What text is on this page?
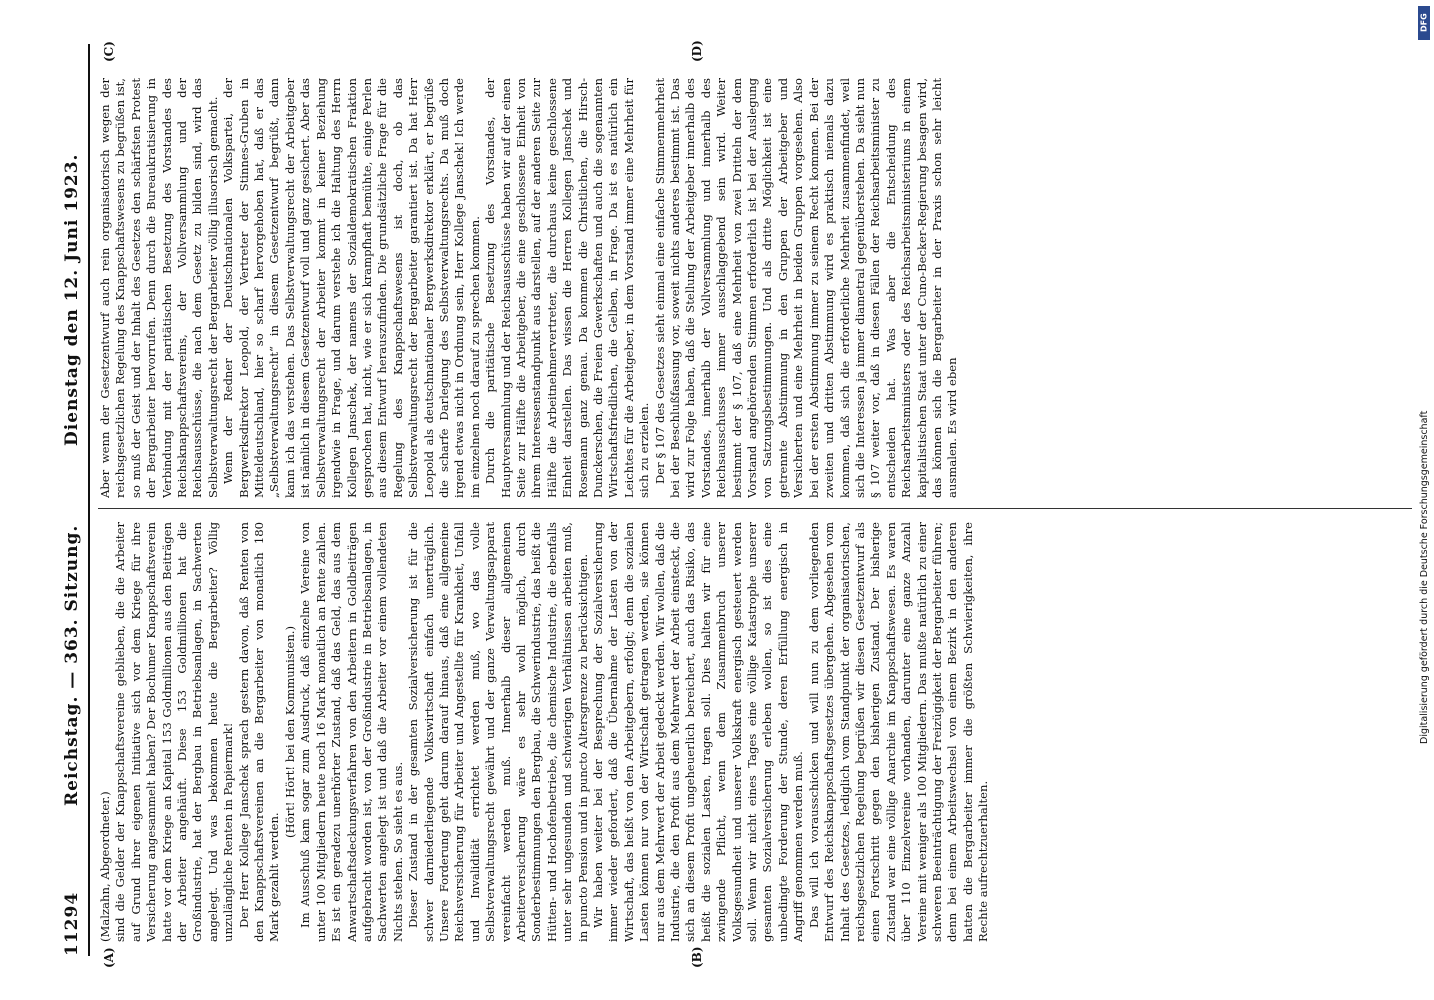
11294
Reichstag. — 363. Sitzung.
Dienstag den 12. Juni 1923.
(A)	(B)
(C)	(D)

(Malzahn, Abgeordneter.) sind die Gelder der Knappschaftsvereine geblieben, die die Arbeiter auf Grund ihrer eigenen Initiative sich vor dem Kriege für ihre Versicherung angesammelt haben? Der Bochumer Knappschaftsverein hatte vor dem Kriege an Kapital 153 Goldmillionen aus den Beiträgen der Arbeiter angehäuft. Diese 153 Goldmillionen hat die Großindustrie, hat der Bergbau in Betriebsanlagen, in Sachwerten angelegt. Und was bekommen heute die Bergarbeiter? Völlig unzulängliche Renten in Papiermark! Der Herr Kollege Janschek sprach gestern davon, daß Renten von den Knappschaftsvereinen an die Bergarbeiter von monatlich 180 Mark gezahlt werden.

(Hört! Hört! bei den Kommunisten.) Im Ausschuß kam sogar zum Ausdruck, daß einzelne Vereine von unter 100 Mitgliedern heute noch 16 Mark monatlich an Rente zahlen. Es ist ein geradezu unerhörter Zustand, daß das Geld, das aus dem Anwartschaftsdeckungsverfahren von den Arbeitern in Goldbeiträgen aufgebracht worden ist, von der Großindustrie in Betriebsanlagen, in Sachwerten angelegt ist und daß die Arbeiter vor einem vollendeten Nichts stehen. So sieht es aus. Dieser Zustand in der gesamten Sozialversicherung ist für die schwer darniederliegende Volkswirtschaft einfach unerträglich. Unsere Forderung geht darum darauf hinaus, daß eine allgemeine Reichsversicherung für Arbeiter und Angestellte für Krankheit, Unfall und Invalidität errichtet werden muß, wo das volle Selbstverwaltungsrecht gewährt und der ganze Verwaltungsapparat vereinfacht werden muß. Innerhalb dieser allgemeinen Arbeiterversicherung wäre es sehr wohl möglich, durch Sonderbestimmungen den Bergbau, die Schwerindustrie, das heißt die Hütten- und Hochofenbetriebe, die chemische Industrie, die ebenfalls unter sehr ungesunden und schwierigen Verhältnissen arbeiten muß, in puncto Pension und in puncto Altersgrenze zu berücksichtigen. Wir haben weiter bei der Besprechung der Sozialversicherung immer wieder gefordert, daß die Übernahme der Lasten von der Wirtschaft, das heißt von den Arbeitgebern, erfolgt; denn die sozialen Lasten können nur von der Wirtschaft getragen werden, sie können nur aus dem Mehrwert der Arbeit gedeckt werden. Wir wollen, daß die Industrie, die den Profit aus dem Mehrwert der Arbeit einsteckt, die sich an diesem Profit ungeheuerlich bereichert, auch das Risiko, das heißt die sozialen Lasten, tragen soll. Dies halten wir für eine zwingende Pflicht, wenn dem Zusammenbruch unserer Volksgesundheit und unserer Volkskraft energisch gesteuert werden soll. Wenn wir nicht eines Tages eine völlige Katastrophe unserer gesamten Sozialversicherung erleben wollen, so ist dies eine unbedingte Forderung der Stunde, deren Erfüllung energisch in Angriff genommen werden muß. Das will ich vorausschicken und will nun zu dem vorliegenden Entwurf des Reichsknappschaftsgesetzes übergehen. Abgesehen vom Inhalt des Gesetzes, lediglich vom Standpunkt der organisatorischen, reichsgesetzlichen Regelung begrüßen wir diesen Gesetzentwurf als einen Fortschritt gegen den bisherigen Zustand. Der bisherige Zustand war eine völlige Anarchie im Knappschaftswesen. Es waren über 110 Einzelvereine vorhanden, darunter eine ganze Anzahl Vereine mit weniger als 100 Mitgliedern. Das mußte natürlich zu einer schweren Beeinträchtigung der Freizügigkeit der Bergarbeiter führen; denn bei einem Arbeitswechsel von einem Bezirk in den anderen hatten die Bergarbeiter immer die größten Schwierigkeiten, ihre Rechte aufrechtzuerhalten.

Aber wenn der Gesetzentwurf auch rein organisatorisch wegen der reichsgesetzlichen Regelung des Knappschaftswesens zu begrüßen ist, so muß der Geist und der Inhalt des Gesetzes den schärfsten Protest der Bergarbeiter hervorrufen. Denn durch die Bureaukratisierung in Verbindung mit der paritätischen Besetzung des Vorstandes des Reichsknappschaftsvereins, der Vollversammlung und der Reichsausschüsse, die nach dem Gesetz zu bilden sind, wird das Selbstverwaltungsrecht der Bergarbeiter völlig illusorisch gemacht. Wenn der Redner der Deutschnationalen Volkspartei, der Bergwerksdirektor Leopold, der Vertreter der Stinnes-Gruben in Mitteldeutschland, hier so scharf hervorgehoben hat, daß er das „Selbstverwaltungsrecht“ in diesem Gesetzentwurf begrüßt, dann kann ich das verstehen. Das Selbstverwaltungsrecht der Arbeitgeber ist nämlich in diesem Gesetzentwurf voll und ganz gesichert. Aber das Selbstverwaltungsrecht der Arbeiter kommt in keiner Beziehung irgendwie in Frage, und darum verstehe ich die Haltung des Herrn Kollegen Janschek, der namens der Sozialdemokratischen Fraktion gesprochen hat, nicht, wie er sich krampfhaft bemühte, einige Perlen aus diesem Entwurf herauszufinden. Die grundsätzliche Frage für die Regelung des Knappschaftswesens ist doch, ob das Selbstverwaltungsrecht der Bergarbeiter garantiert ist. Da hat Herr Leopold als deutschnationaler Bergwerksdirektor erklärt, er begrüße die scharfe Darlegung des Selbstverwaltungsrechts. Da muß doch irgend etwas nicht in Ordnung sein, Herr Kollege Janschek! Ich werde im einzelnen noch darauf zu sprechen kommen. Durch die paritätische Besetzung des Vorstandes, der Hauptversammlung und der Reichsausschüsse haben wir auf der einen Seite zur Hälfte die Arbeitgeber, die eine geschlossene Einheit von ihrem Interessenstandpunkt aus darstellen, auf der anderen Seite zur Hälfte die Arbeitnehmervertreter, die durchaus keine geschlossene Einheit darstellen. Das wissen die Herren Kollegen Janschek und Rosemann ganz genau. Da kommen die Christlichen, die Hirsch-Dunckerschen, die Freien Gewerkschaften und auch die sogenannten Wirtschaftsfriedlichen, die Gelben, in Frage. Da ist es natürlich ein Leichtes für die Arbeitgeber, in dem Vorstand immer eine Mehrheit für sich zu erzielen. Der § 107 des Gesetzes sieht einmal eine einfache Stimmenmehrheit bei der Beschlußfassung vor, soweit nichts anderes bestimmt ist. Das wird zur Folge haben, daß die Stellung der Arbeitgeber innerhalb des Vorstandes, innerhalb der Vollversammlung und innerhalb des Reichsausschusses immer ausschlaggebend sein wird. Weiter bestimmt der § 107, daß eine Mehrheit von zwei Dritteln der dem Vorstand angehörenden Stimmen erforderlich ist bei der Auslegung von Satzungsbestimmungen. Und als dritte Möglichkeit ist eine getrennte Abstimmung in den Gruppen der Arbeitgeber und Versicherten und eine Mehrheit in beiden Gruppen vorgesehen. Also bei der ersten Abstimmung immer zu seinem Recht kommen. Bei der zweiten und dritten Abstimmung wird es praktisch niemals dazu kommen, daß sich die erforderliche Mehrheit zusammenfindet, weil sich die Interessen ja immer diametral gegenüberstehen. Da sieht nun § 107 weiter vor, daß in diesen Fällen der Reichsarbeitsminister zu entscheiden hat. Was aber die Entscheidung des Reichsarbeitsministers oder des Reichsarbeitsministeriums in einem kapitalistischen Staat unter der Cuno-Becker-Regierung besagen wird, das können sich die Bergarbeiter in der Praxis schon sehr leicht ausmalen. Es wird eben

DFG
Digitalisierung gefördert durch die Deutsche Forschungsgemeinschaft
